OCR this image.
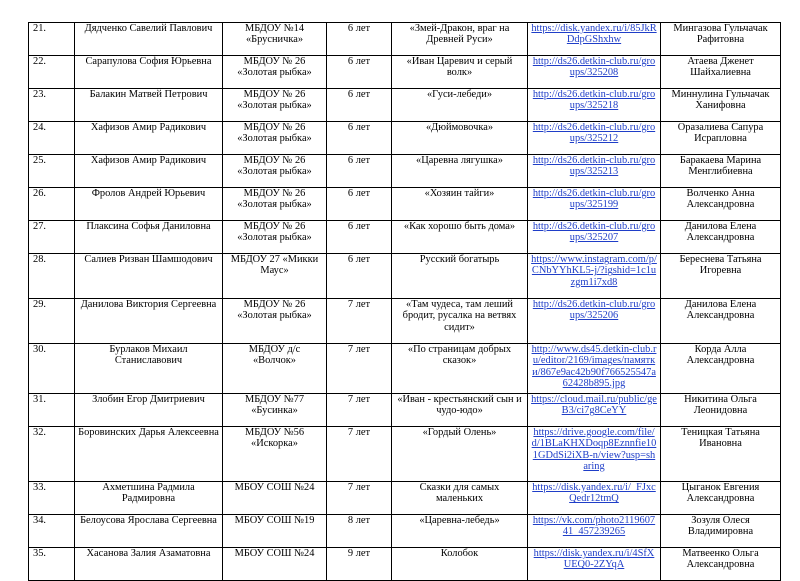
21.	Дядченко Савелий Павлович	МБДОУ №14 «Брусничка»	6 лет	«Змей-Дракон, враг на Древней Руси»	https://disk.yandex.ru/i/85JkRDdpGShxhw	Мингазова Гульчачак Рафитовна
22.	Сарапулова София Юрьевна	МБДОУ № 26 «Золотая рыбка»	6 лет	«Иван Царевич и серый волк»	http://ds26.detkin-club.ru/groups/325208	Атаева Дженет Шайхалиевна
23.	Балакин Матвей Петрович	МБДОУ № 26 «Золотая рыбка»	6 лет	«Гуси-лебеди»	http://ds26.detkin-club.ru/groups/325218	Миннулина Гульчачак Ханифовна
24.	Хафизов Амир Радикович	МБДОУ № 26 «Золотая рыбка»	6 лет	«Дюймовочка»	http://ds26.detkin-club.ru/groups/325212	Оразалиева Сапура Исрапловна
25.	Хафизов Амир Радикович	МБДОУ № 26 «Золотая рыбка»	6 лет	«Царевна лягушка»	http://ds26.detkin-club.ru/groups/325213	Баракаева Марина Менглибиевна
26.	Фролов Андрей Юрьевич	МБДОУ № 26 «Золотая рыбка»	6 лет	«Хозяин тайги»	http://ds26.detkin-club.ru/groups/325199	Волченко Анна Александровна
27.	Плаксина Софья Даниловна	МБДОУ № 26 «Золотая рыбка»	6 лет	«Как хорошо быть дома»	http://ds26.detkin-club.ru/groups/325207	Данилова Елена Александровна
28.	Салиев Ризван Шамшодович	МБДОУ 27 «Микки Маус»	6 лет	Русский богатырь	https://www.instagram.com/p/CNbYYhKL5-j/?igshid=1c1uzgm1i7xd8	Береснева Татьяна Игоревна
29.	Данилова Виктория Сергеевна	МБДОУ № 26 «Золотая рыбка»	7 лет	«Там чудеса, там леший бродит, русалка на ветвях сидит»	http://ds26.detkin-club.ru/groups/325206	Данилова Елена Александровна
30.	Бурлаков Михаил Станиславович	МБДОУ д/с «Волчок»	7 лет	«По страницам добрых сказок»	http://www.ds45.detkin-club.ru/editor/2169/images/памятки/867e9ac42b90f766525547a62428b895.jpg	Корда Алла Александровна
31.	Злобин Егор Дмитриевич	МБДОУ №77 «Бусинка»	7 лет	«Иван - крестьянский сын и чудо-юдо»	https://cloud.mail.ru/public/geB3/ci7g8CeYY	Никитина Ольга Леонидовна
32.	Боровинских Дарья Алексеевна	МБДОУ №56 «Искорка»	7 лет	«Гордый Олень»	https://drive.google.com/file/d/1BLaKHXDoqp8Eznnfie101GDdSi2iXB-n/view?usp=sharing	Теницкая Татьяна Ивановна
33.	Ахметшина Радмила Радмировна	МБОУ СОШ №24	7 лет	Сказки для самых маленьких	https://disk.yandex.ru/i/_FJxcQedr12tmQ	Цыганок Евгения Александровна
34.	Белоусова Ярослава Сергеевна	МБОУ СОШ №19	8 лет	«Царевна-лебедь»	https://vk.com/photo211960741_457239265	Зозуля Олеся Владимировна
35.	Хасанова Залия Азаматовна	МБОУ СОШ №24	9 лет	Колобок	https://disk.yandex.ru/i/4SfXUEQ0-2ZYqA	Матвеенко Ольга Александровна
